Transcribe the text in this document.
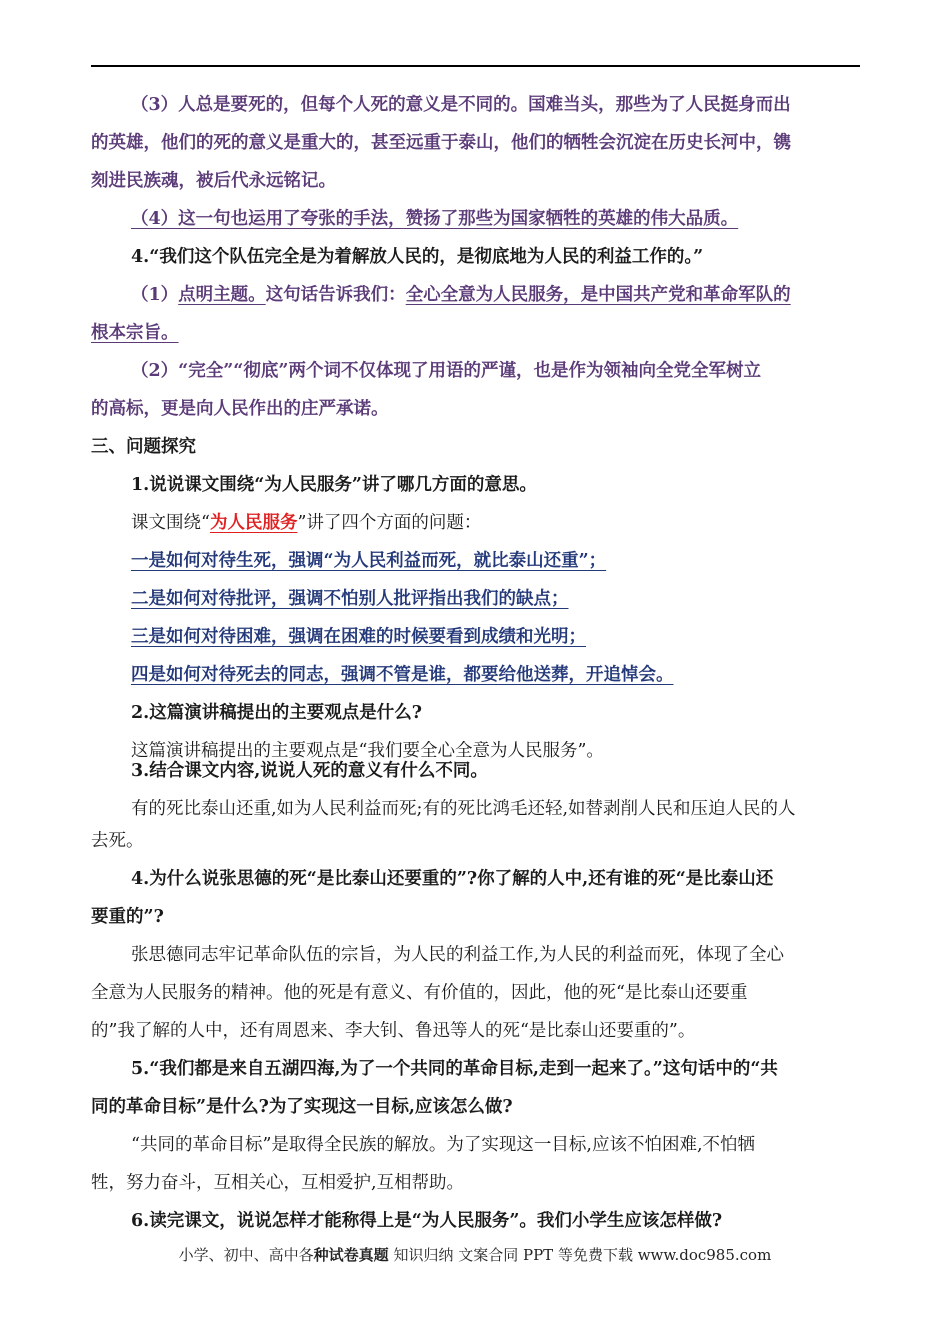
（3）人总是要死的，但每个人死的意义是不同的。国难当头，那些为了人民挺身而出
的英雄，他们的死的意义是重大的，甚至远重于泰山，他们的牺牲会沉淀在历史长河中，镌
刻进民族魂，被后代永远铭记。
（4）这一句也运用了夸张的手法，赞扬了那些为国家牺牲的英雄的伟大品质。
4.“我们这个队伍完全是为着解放人民的，是彻底地为人民的利益工作的。”
（1）点明主题。这句话告诉我们：全心全意为人民服务，是中国共产党和革命军队的
根本宗旨。
（2）“完全”“彻底”两个词不仅体现了用语的严谨，也是作为领袖向全党全军树立
的高标，更是向人民作出的庄严承诺。
三、问题探究
1.说说课文围绕“为人民服务”讲了哪几方面的意思。
课文围绕“为人民服务”讲了四个方面的问题：
一是如何对待生死，强调“为人民利益而死，就比泰山还重”；
二是如何对待批评，强调不怕别人批评指出我们的缺点；
三是如何对待困难，强调在困难的时候要看到成绩和光明；
四是如何对待死去的同志，强调不管是谁，都要给他送葬，开追悼会。
2.这篇演讲稿提出的主要观点是什么?
这篇演讲稿提出的主要观点是“我们要全心全意为人民服务”。
3.结合课文内容,说说人死的意义有什么不同。
有的死比泰山还重,如为人民利益而死;有的死比鸿毛还轻,如替剥削人民和压迫人民的人
去死。
4.为什么说张思德的死“是比泰山还要重的”?你了解的人中,还有谁的死“是比泰山还
要重的”?
张思德同志牢记革命队伍的宗旨，为人民的利益工作,为人民的利益而死，体现了全心
全意为人民服务的精神。他的死是有意义、有价值的，因此，他的死“是比泰山还要重
的”我了解的人中，还有周恩来、李大钊、鲁迅等人的死“是比泰山还要重的”。
5.“我们都是来自五湖四海,为了一个共同的革命目标,走到一起来了。”这句话中的“共
同的革命目标”是什么?为了实现这一目标,应该怎么做?
“共同的革命目标”是取得全民族的解放。为了实现这一目标,应该不怕困难,不怕牺
牲，努力奋斗，互相关心，互相爱护,互相帮助。
6.读完课文，说说怎样才能称得上是“为人民服务”。我们小学生应该怎样做?
小学、初中、高中各种试卷真题 知识归纳 文案合同 PPT 等免费下载 www.doc985.com
